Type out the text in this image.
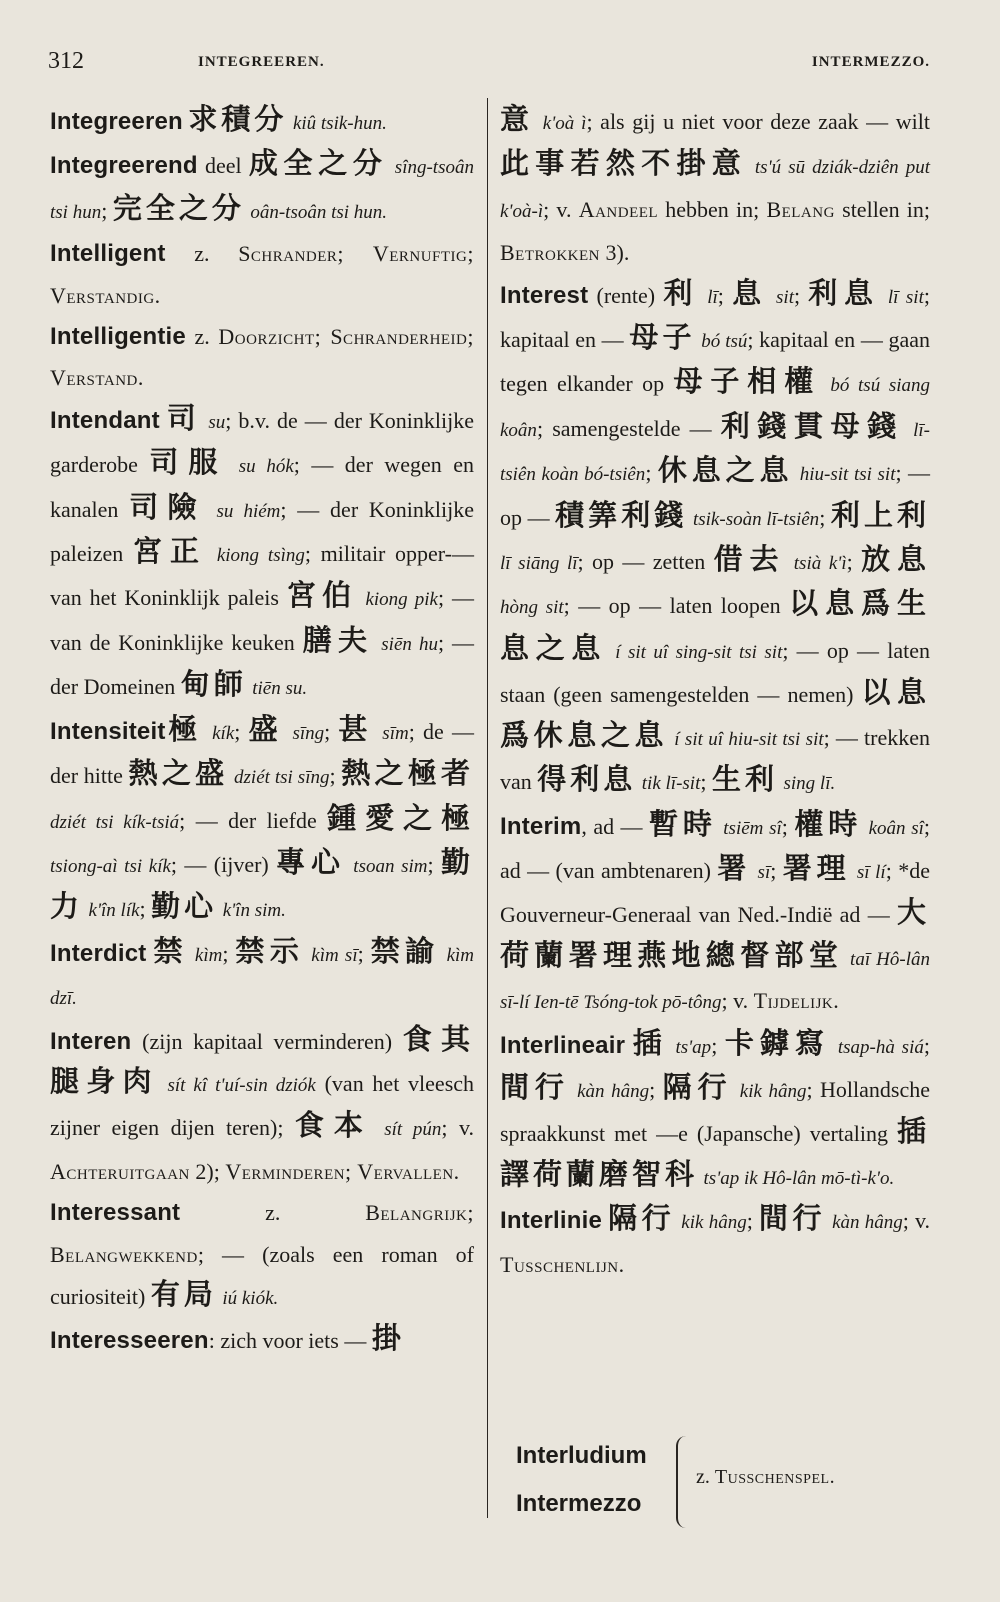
312	INTEGREEREN.	INTERMEZZO.

Integreeren 求積分 kiû tsik-hun.

Integreerend deel 成全之分 sîng-tsoân tsi hun; 完全之分 oân-tsoân tsi hun.

Intelligent z. Schrander; Vernuftig; Verstandig.

Intelligentie z. Doorzicht; Schranderheid; Verstand.

Intendant 司 su; b.v. de — der Koninklijke garderobe 司服 su hók; — der wegen en kanalen 司險 su hiém; — der Koninklijke paleizen 宮正 kiong tsìng; militair opper-— van het Koninklijk paleis 宮伯 kiong pik; — van de Koninklijke keuken 膳夫 siēn hu; — der Domeinen 甸師 tiēn su.

Intensiteit極 kík; 盛 sīng; 甚 sīm; de — der hitte 熱之盛 dziét tsi sīng; 熱之極者 dziét tsi kík-tsiá; — der liefde 鍾愛之極 tsiong-aì tsi kík; — (ijver) 專心 tsoan sim; 勤力 k'în lík; 勤心 k'în sim.

Interdict 禁 kìm; 禁示 kìm sī; 禁諭 kìm dzī.

Interen (zijn kapitaal verminderen) 食其腿身肉 sít kî t'uí-sin dziók (van het vleesch zijner eigen dijen teren); 食本 sít pún; v. Achteruitgaan 2); Verminderen; Vervallen.

Interessant z. Belangrijk; Belangwekkend; — (zoals een roman of curiositeit) 有局 iú kiók.

Interesseeren: zich voor iets — 掛

意 k'oà ì; als gij u niet voor deze zaak — wilt 此事若然不掛意 ts'ú sū dziák-dziên put k'oà-ì; v. Aandeel hebben in; Belang stellen in; Betrokken 3).

Interest (rente) 利 lī; 息 sit; 利息 lī sit; kapitaal en — 母子 bó tsú; kapitaal en — gaan tegen elkander op 母子相權 bó tsú siang koân; samengestelde — 利錢貫母錢 lī-tsiên koàn bó-tsiên; 休息之息 hiu-sit tsi sit; — op — 積筭利錢 tsik-soàn lī-tsiên; 利上利 lī siāng lī; op — zetten 借去 tsià k'ì; 放息 hòng sit; — op — laten loopen 以息爲生息之息 í sit uî sing-sit tsi sit; — op — laten staan (geen samengestelden — nemen) 以息爲休息之息 í sit uî hiu-sit tsi sit; — trekken van 得利息 tik lī-sit; 生利 sing lī.

Interim, ad — 暫時 tsiēm sî; 權時 koân sî; ad — (van ambtenaren) 署 sī; 署理 sī lí; *de Gouverneur-Generaal van Ned.-Indië ad — 大荷蘭署理燕地總督部堂 taī Hô-lân sī-lí Ien-tē Tsóng-tok pō-tông; v. Tijdelijk.

Interlineair 插 ts'ap; 卡鏬寫 tsap-hà siá; 間行 kàn hâng; 隔行 kik hâng; Hollandsche spraakkunst met —e (Japansche) vertaling 插譯荷蘭磨智科 ts'ap ik Hô-lân mō-tì-k'o.

Interlinie 隔行 kik hâng; 間行 kàn hâng; v. Tusschenlijn.

Interludium
Intermezzo
z. Tusschenspel.
